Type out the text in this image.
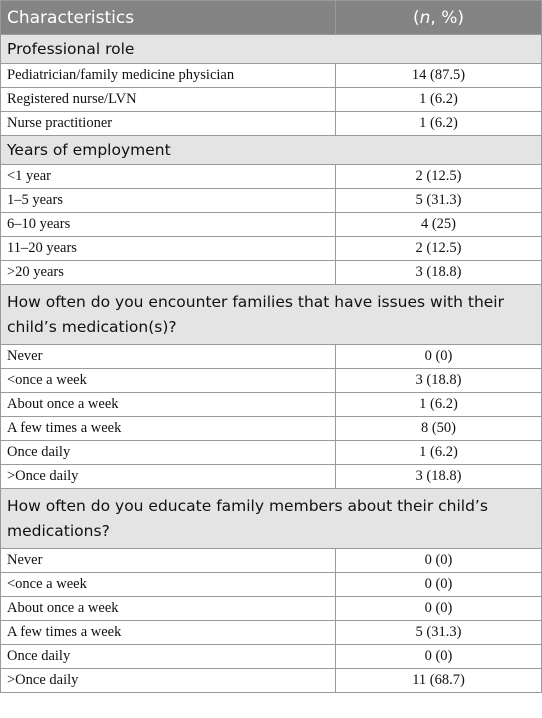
Characteristics	(n, %)
Professional role	
Pediatrician/family medicine physician	14 (87.5)
Registered nurse/LVN	1 (6.2)
Nurse practitioner	1 (6.2)
Years of employment	
<1 year	2 (12.5)
1–5 years	5 (31.3)
6–10 years	4 (25)
11–20 years	2 (12.5)
>20 years	3 (18.8)
How often do you encounter families that have issues with their child’s medication(s)?	
Never	0 (0)
<once a week	3 (18.8)
About once a week	1 (6.2)
A few times a week	8 (50)
Once daily	1 (6.2)
>Once daily	3 (18.8)
How often do you educate family members about their child’s medications?	
Never	0 (0)
<once a week	0 (0)
About once a week	0 (0)
A few times a week	5 (31.3)
Once daily	0 (0)
>Once daily	11 (68.7)
